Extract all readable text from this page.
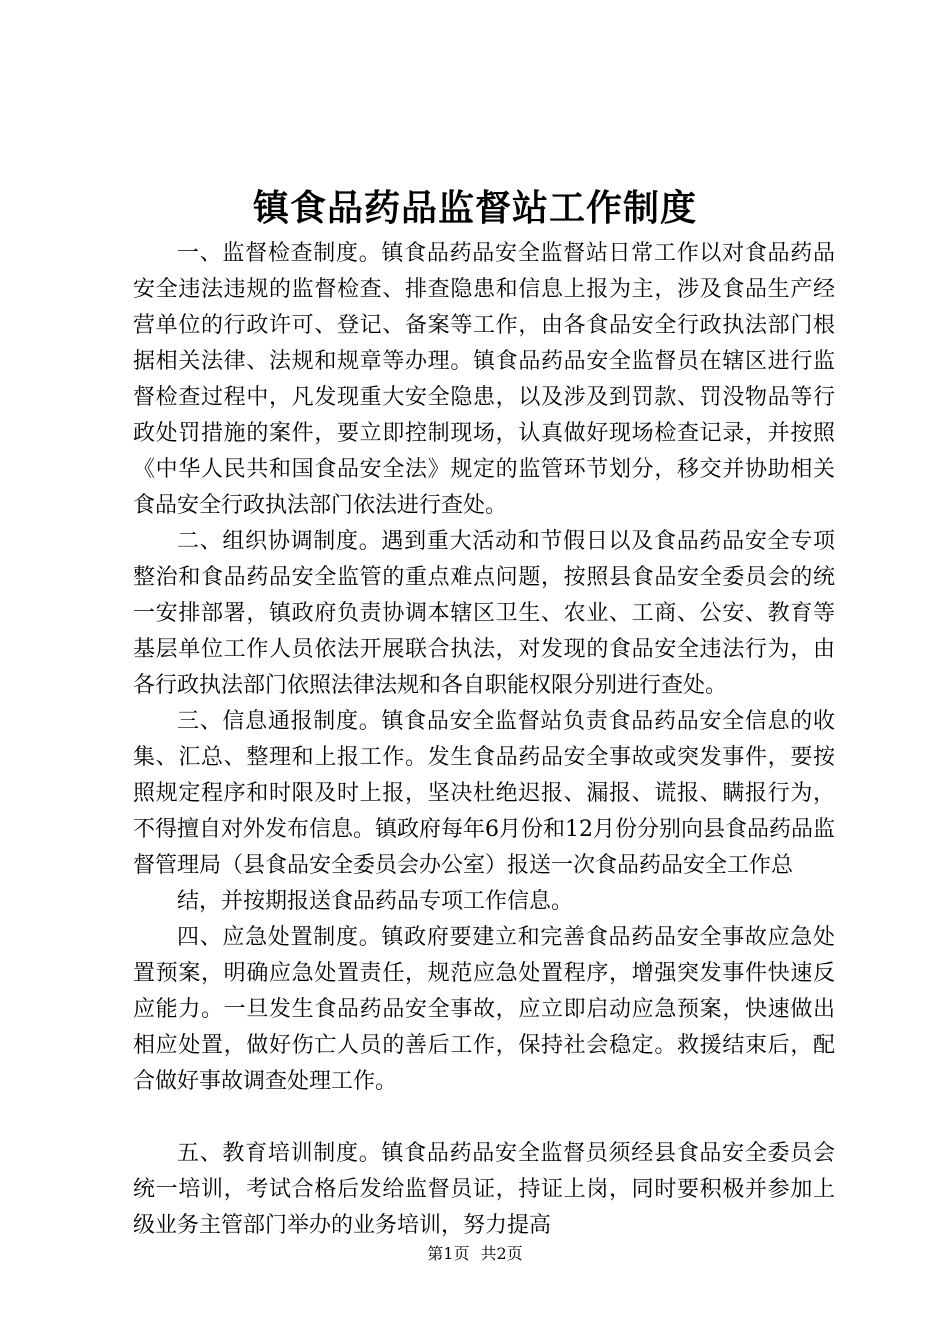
镇食品药品监督站工作制度

一、监督检查制度。镇食品药品安全监督站日常工作以对食品药品安全违法违规的监督检查、排查隐患和信息上报为主，涉及食品生产经营单位的行政许可、登记、备案等工作，由各食品安全行政执法部门根据相关法律、法规和规章等办理。镇食品药品安全监督员在辖区进行监督检查过程中，凡发现重大安全隐患，以及涉及到罚款、罚没物品等行政处罚措施的案件，要立即控制现场，认真做好现场检查记录，并按照《中华人民共和国食品安全法》规定的监管环节划分，移交并协助相关食品安全行政执法部门依法进行查处。

二、组织协调制度。遇到重大活动和节假日以及食品药品安全专项整治和食品药品安全监管的重点难点问题，按照县食品安全委员会的统一安排部署，镇政府负责协调本辖区卫生、农业、工商、公安、教育等基层单位工作人员依法开展联合执法，对发现的食品安全违法行为，由各行政执法部门依照法律法规和各自职能权限分别进行查处。

三、信息通报制度。镇食品安全监督站负责食品药品安全信息的收集、汇总、整理和上报工作。发生食品药品安全事故或突发事件，要按照规定程序和时限及时上报，坚决杜绝迟报、漏报、谎报、瞒报行为，不得擅自对外发布信息。镇政府每年6月份和12月份分别向县食品药品监督管理局（县食品安全委员会办公室）报送一次食品药品安全工作总

结，并按期报送食品药品专项工作信息。

四、应急处置制度。镇政府要建立和完善食品药品安全事故应急处置预案，明确应急处置责任，规范应急处置程序，增强突发事件快速反应能力。一旦发生食品药品安全事故，应立即启动应急预案，快速做出相应处置，做好伤亡人员的善后工作，保持社会稳定。救援结束后，配合做好事故调查处理工作。

五、教育培训制度。镇食品药品安全监督员须经县食品安全委员会统一培训，考试合格后发给监督员证，持证上岗，同时要积极并参加上级业务主管部门举办的业务培训，努力提高

第1页 共2页
